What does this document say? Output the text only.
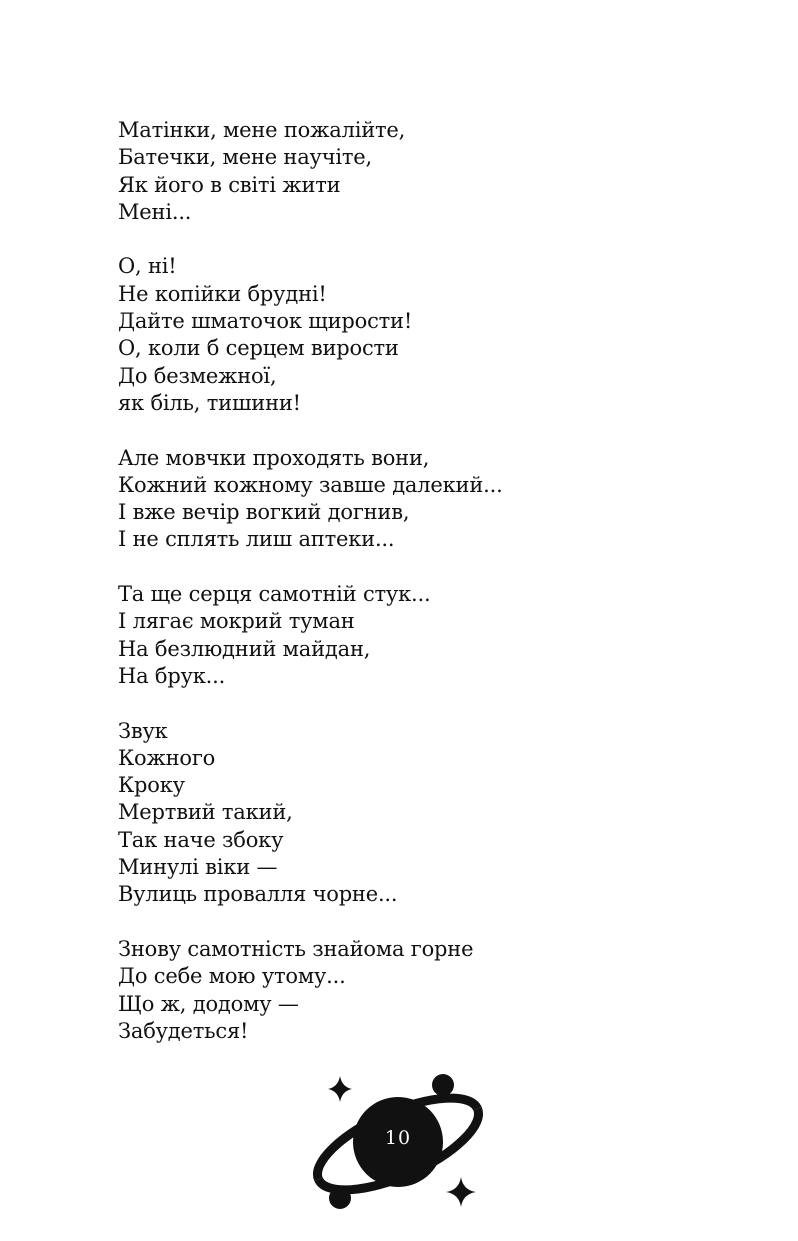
Матінки, мене пожалійте,
Батечки, мене научіте,
Як його в світі жити
Мені...
О, ні!
Не копійки брудні!
Дайте шматочок щирости!
О, коли б серцем вирости
До безмежної,
як біль, тишини!
Але мовчки проходять вони,
Кожний кожному завше далекий...
І вже вечір вогкий догнив,
І не сплять лиш аптеки...
Та ще серця самотній стук...
І лягає мокрий туман
На безлюдний майдан,
На брук...
Звук
Кожного
Кроку
Мертвий такий,
Так наче збоку
Минулі віки —
Вулиць провалля чорне...
Знову самотність знайома горне
До себе мою утому...
Що ж, додому —
Забудеться!
10
